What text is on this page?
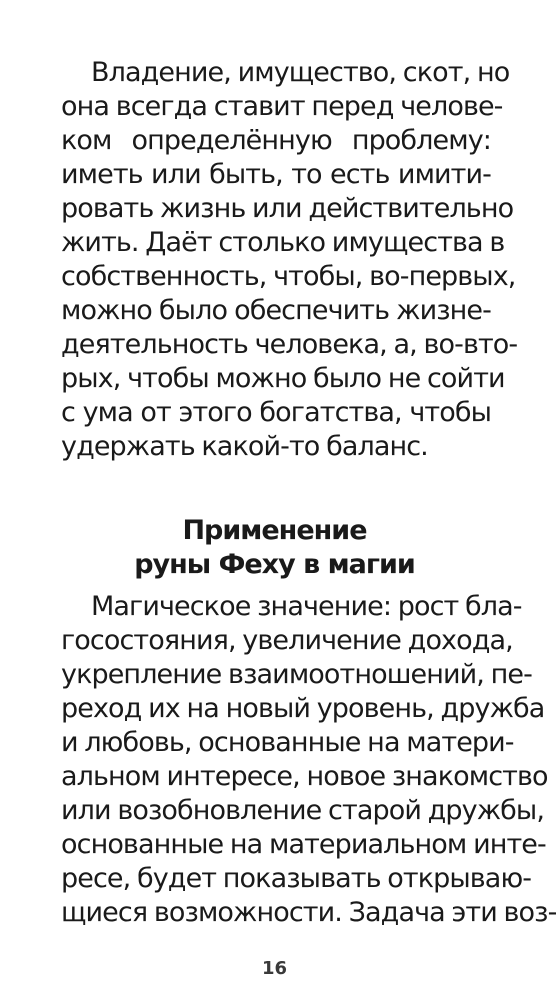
Владение, имущество, скот, но
она всегда ставит перед челове-
ком определённую проблему:
иметь или быть, то есть имити-
ровать жизнь или действительно
жить. Даёт столько имущества в
собственность, чтобы, во-первых,
можно было обеспечить жизне-
деятельность человека, а, во-вто-
рых, чтобы можно было не сойти
с ума от этого богатства, чтобы
удержать какой-то баланс.
Применение
руны Феху в магии
Магическое значение: рост бла-
госостояния, увеличение дохода,
укрепление взаимоотношений, пе-
реход их на новый уровень, дружба
и любовь, основанные на матери-
альном интересе, новое знакомство
или возобновление старой дружбы,
основанные на материальном инте-
ресе, будет показывать открываю-
щиеся возможности. Задача эти воз-
16
